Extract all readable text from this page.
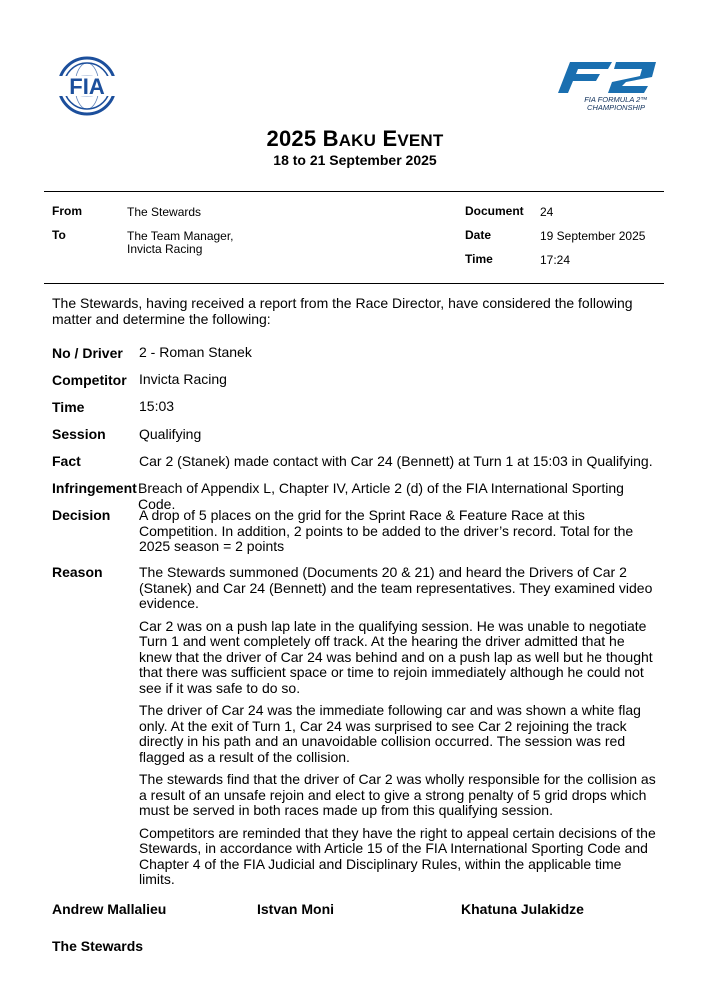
FIA
FIA FORMULA 2™
CHAMPIONSHIP
2025 BAKU EVENT
18 to 21 September 2025
From	The Stewards
To	The Team Manager,
Invicta Racing
Document 24
Date	19 September 2025
Time	17:24
The Stewards, having received a report from the Race Director, have considered the following matter and determine the following:
No / Driver 2 - Roman Stanek
Competitor Invicta Racing
Time	15:03
Session Qualifying
Fact	Car 2 (Stanek) made contact with Car 24 (Bennett) at Turn 1 at 15:03 in Qualifying.
Infringement Breach of Appendix L, Chapter IV, Article 2 (d) of the FIA International Sporting Code.
Decision A drop of 5 places on the grid for the Sprint Race & Feature Race at this Competition. In addition, 2 points to be added to the driver’s record. Total for the 2025 season = 2 points
Reason	The Stewards summoned (Documents 20 & 21) and heard the Drivers of Car 2 (Stanek) and Car 24 (Bennett) and the team representatives. They examined video evidence.

Car 2 was on a push lap late in the qualifying session. He was unable to negotiate Turn 1 and went completely off track. At the hearing the driver admitted that he knew that the driver of Car 24 was behind and on a push lap as well but he thought that there was sufficient space or time to rejoin immediately although he could not see if it was safe to do so.

The driver of Car 24 was the immediate following car and was shown a white flag only. At the exit of Turn 1, Car 24 was surprised to see Car 2 rejoining the track directly in his path and an unavoidable collision occurred. The session was red flagged as a result of the collision.

The stewards find that the driver of Car 2 was wholly responsible for the collision as a result of an unsafe rejoin and elect to give a strong penalty of 5 grid drops which must be served in both races made up from this qualifying session.

Competitors are reminded that they have the right to appeal certain decisions of the Stewards, in accordance with Article 15 of the FIA International Sporting Code and Chapter 4 of the FIA Judicial and Disciplinary Rules, within the applicable time limits.

Andrew Mallalieu	Istvan Moni	Khatuna Julakidze
The Stewards
